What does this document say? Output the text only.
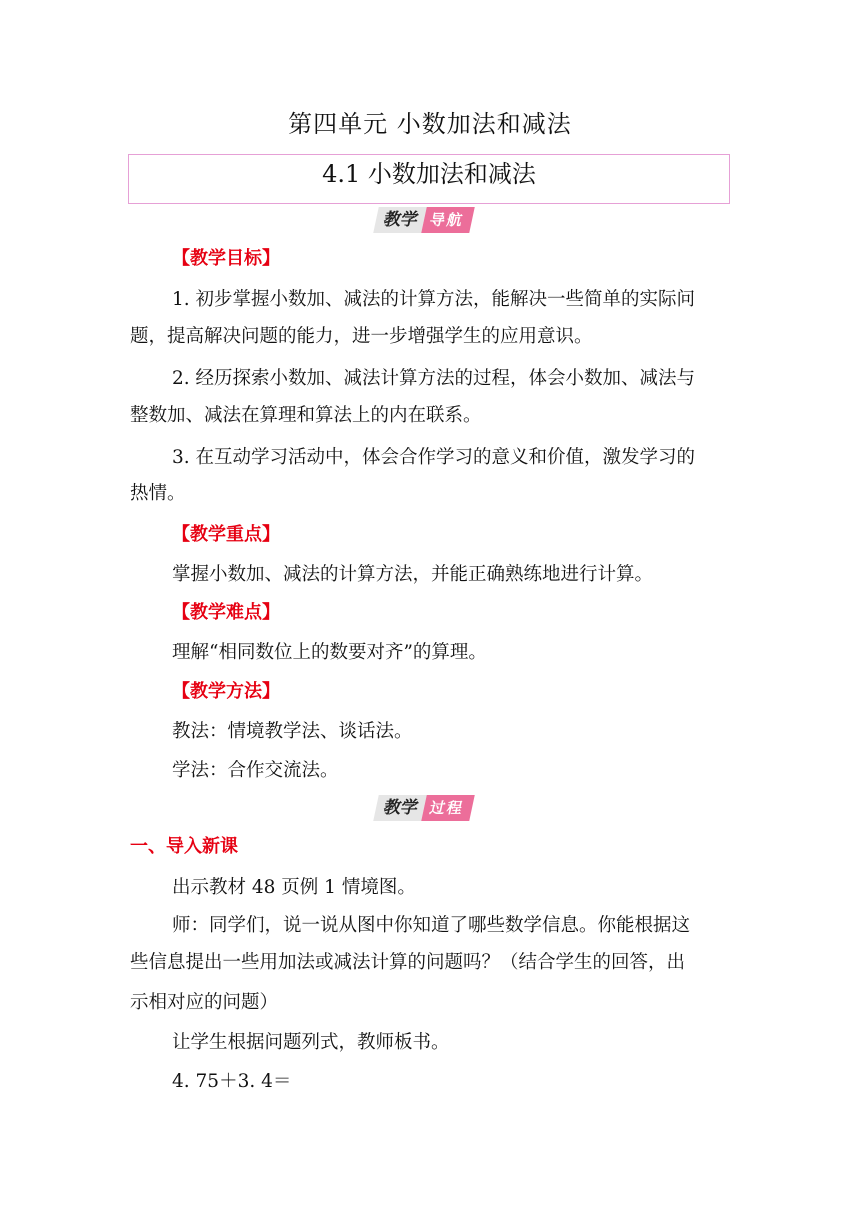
第四单元 小数加法和减法
4.1 小数加法和减法
教学 导航
【教学目标】
1. 初步掌握小数加、减法的计算方法，能解决一些简单的实际问
题，提高解决问题的能力，进一步增强学生的应用意识。
2. 经历探索小数加、减法计算方法的过程，体会小数加、减法与
整数加、减法在算理和算法上的内在联系。
3. 在互动学习活动中，体会合作学习的意义和价值，激发学习的
热情。
【教学重点】
掌握小数加、减法的计算方法，并能正确熟练地进行计算。
【教学难点】
理解“相同数位上的数要对齐”的算理。
【教学方法】
教法：情境教学法、谈话法。
学法：合作交流法。
教学 过程
一、导入新课
出示教材 48 页例 1 情境图。
师：同学们，说一说从图中你知道了哪些数学信息。你能根据这
些信息提出一些用加法或减法计算的问题吗？（结合学生的回答，出
示相对应的问题）
让学生根据问题列式，教师板书。
4. 75＋3. 4＝
